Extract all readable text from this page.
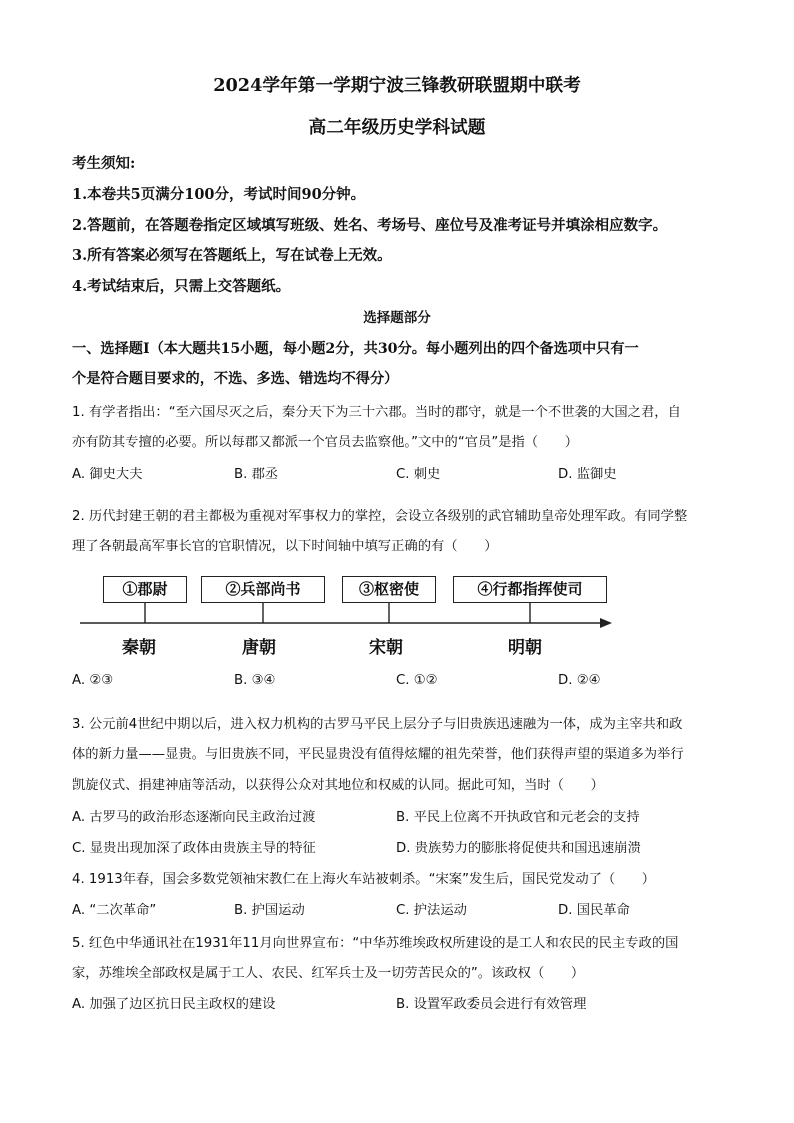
2024学年第一学期宁波三锋教研联盟期中联考
高二年级历史学科试题
考生须知:
1.本卷共5页满分100分，考试时间90分钟。
2.答题前，在答题卷指定区域填写班级、姓名、考场号、座位号及准考证号并填涂相应数字。
3.所有答案必须写在答题纸上，写在试卷上无效。
4.考试结束后，只需上交答题纸。
选择题部分
一、选择题Ⅰ（本大题共15小题，每小题2分，共30分。每小题列出的四个备选项中只有一
个是符合题目要求的，不选、多选、错选均不得分）
1. 有学者指出：“至六国尽灭之后，秦分天下为三十六郡。当时的郡守，就是一个不世袭的大国之君，自
亦有防其专擅的必要。所以每郡又都派一个官员去监察他。”文中的“官员”是指（　　）
A. 御史大夫	B. 郡丞	C. 刺史	D. 监御史
2. 历代封建王朝的君主都极为重视对军事权力的掌控，会设立各级别的武官辅助皇帝处理军政。有同学整
理了各朝最高军事长官的官职情况，以下时间轴中填写正确的有（　　）
①郡尉	②兵部尚书	③枢密使	④行都指挥使司
秦朝	唐朝	宋朝	明朝
A. ②③	B. ③④	C. ①②	D. ②④
3. 公元前4世纪中期以后，进入权力机构的古罗马平民上层分子与旧贵族迅速融为一体，成为主宰共和政
体的新力量——显贵。与旧贵族不同，平民显贵没有值得炫耀的祖先荣誉，他们获得声望的渠道多为举行
凯旋仪式、捐建神庙等活动，以获得公众对其地位和权威的认同。据此可知，当时（　　）
A. 古罗马的政治形态逐渐向民主政治过渡	B. 平民上位离不开执政官和元老会的支持
C. 显贵出现加深了政体由贵族主导的特征	D. 贵族势力的膨胀将促使共和国迅速崩溃
4. 1913年春，国会多数党领袖宋教仁在上海火车站被刺杀。“宋案”发生后，国民党发动了（　　）
A. “二次革命”	B. 护国运动	C. 护法运动	D. 国民革命
5. 红色中华通讯社在1931年11月向世界宣布：“中华苏维埃政权所建设的是工人和农民的民主专政的国
家，苏维埃全部政权是属于工人、农民、红军兵士及一切劳苦民众的”。该政权（　　）
A. 加强了边区抗日民主政权的建设	B. 设置军政委员会进行有效管理
